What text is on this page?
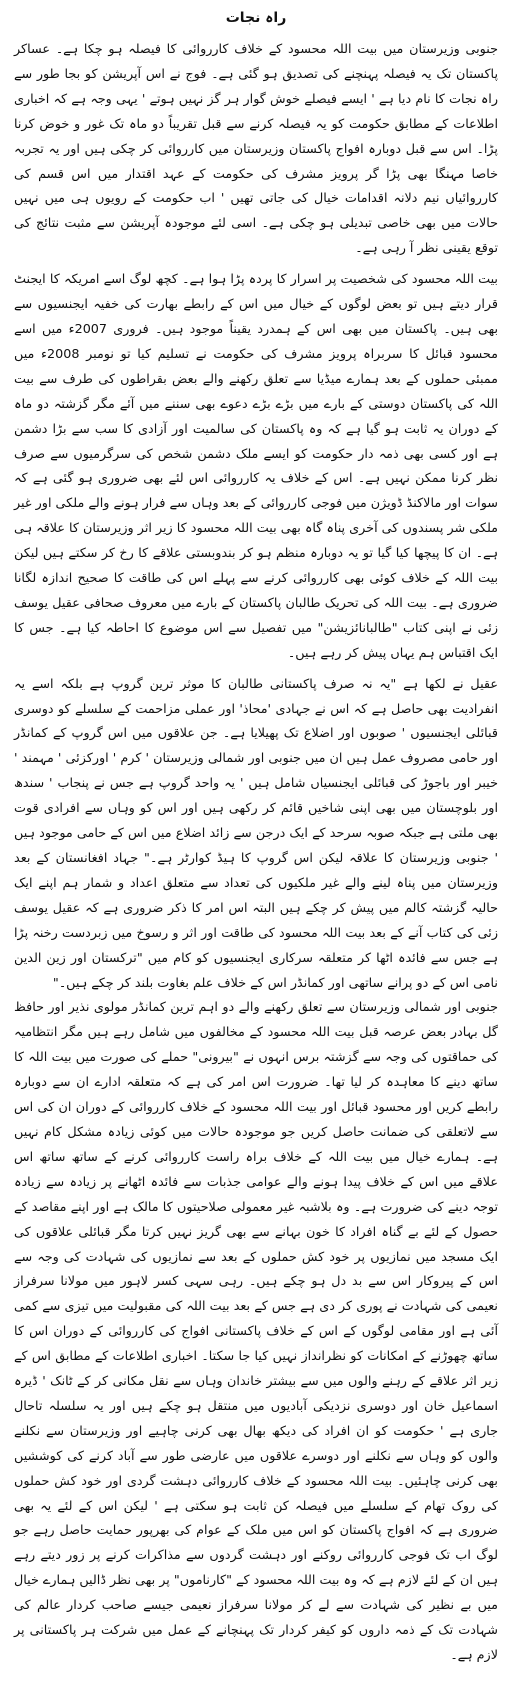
راہ نجات

جنوبی وزیرستان میں بیت اللہ محسود کے خلاف کارروائی کا فیصلہ ہو چکا ہے۔ عساکر پاکستان تک یہ فیصلہ پہنچنے کی تصدیق ہو گئی ہے۔ فوج نے اس آپریشن کو بجا طور سے راہ نجات کا نام دیا ہے ' ایسے فیصلے خوش گوار ہر گز نہیں ہوتے ' یہی وجہ ہے کہ اخباری اطلاعات کے مطابق حکومت کو یہ فیصلہ کرنے سے قبل تقریباً دو ماہ تک غور و خوض کرنا پڑا۔ اس سے قبل دوبارہ افواج پاکستان وزیرستان میں کارروائی کر چکی ہیں اور یہ تجربہ خاصا مہنگا بھی پڑا گر پرویز مشرف کی حکومت کے عہد اقتدار میں اس قسم کی کارروائیاں نیم دلانہ اقدامات خیال کی جاتی تھیں ' اب حکومت کے رویوں ہی میں نہیں حالات میں بھی خاصی تبدیلی ہو چکی ہے۔ اسی لئے موجودہ آپریشن سے مثبت نتائج کی توقع یقینی نظر آ رہی ہے۔

بیت اللہ محسود کی شخصیت پر اسرار کا پردہ پڑا ہوا ہے۔ کچھ لوگ اسے امریکہ کا ایجنٹ قرار دیتے ہیں تو بعض لوگوں کے خیال میں اس کے رابطے بھارت کی خفیہ ایجنسیوں سے بھی ہیں۔ پاکستان میں بھی اس کے ہمدرد یقیناً موجود ہیں۔ فروری 2007ء میں اسے محسود قبائل کا سربراہ پرویز مشرف کی حکومت نے تسلیم کیا تو نومبر 2008ء میں ممبئی حملوں کے بعد ہمارے میڈیا سے تعلق رکھنے والے بعض بقراطوں کی طرف سے بیت اللہ کی پاکستان دوستی کے بارے میں بڑے بڑے دعوے بھی سننے میں آئے مگر گزشتہ دو ماہ کے دوران یہ ثابت ہو گیا ہے کہ وہ پاکستان کی سالمیت اور آزادی کا سب سے بڑا دشمن ہے اور کسی بھی ذمہ دار حکومت کو ایسے ملک دشمن شخص کی سرگرمیوں سے صرف نظر کرنا ممکن نہیں ہے۔ اس کے خلاف یہ کارروائی اس لئے بھی ضروری ہو گئی ہے کہ سوات اور مالاکنڈ ڈویژن میں فوجی کارروائی کے بعد وہاں سے فرار ہونے والے ملکی اور غیر ملکی شر پسندوں کی آخری پناہ گاہ بھی بیت اللہ محسود کا زیر اثر وزیرستان کا علاقہ ہی ہے۔ ان کا پیچھا کیا گیا تو یہ دوبارہ منظم ہو کر بندوبستی علاقے کا رخ کر سکتے ہیں لیکن بیت اللہ کے خلاف کوئی بھی کارروائی کرنے سے پہلے اس کی طاقت کا صحیح اندازہ لگانا ضروری ہے۔ بیت اللہ کی تحریک طالبان پاکستان کے بارے میں معروف صحافی عقیل یوسف زئی نے اپنی کتاب "طالبانائزیشن" میں تفصیل سے اس موضوع کا احاطہ کیا ہے۔ جس کا ایک اقتباس ہم یہاں پیش کر رہے ہیں۔

عقیل نے لکھا ہے "یہ نہ صرف پاکستانی طالبان کا موثر ترین گروپ ہے بلکہ اسے یہ انفرادیت بھی حاصل ہے کہ اس نے جہادی 'محاذ' اور عملی مزاحمت کے سلسلے کو دوسری قبائلی ایجنسیوں ' صوبوں اور اضلاع تک پھیلایا ہے۔ جن علاقوں میں اس گروپ کے کمانڈر اور حامی مصروف عمل ہیں ان میں جنوبی اور شمالی وزیرستان ' کرم ' اورکزئی ' مہمند ' خیبر اور باجوڑ کی قبائلی ایجنسیاں شامل ہیں ' یہ واحد گروپ ہے جس نے پنجاب ' سندھ اور بلوچستان میں بھی اپنی شاخیں قائم کر رکھی ہیں اور اس کو وہاں سے افرادی قوت بھی ملتی ہے جبکہ صوبہ سرحد کے ایک درجن سے زائد اضلاع میں اس کے حامی موجود ہیں ' جنوبی وزیرستان کا علاقہ لیکن اس گروپ کا ہیڈ کوارٹر ہے۔" جہاد افغانستان کے بعد وزیرستان میں پناہ لینے والے غیر ملکیوں کی تعداد سے متعلق اعداد و شمار ہم اپنے ایک حالیہ گزشتہ کالم میں پیش کر چکے ہیں البتہ اس امر کا ذکر ضروری ہے کہ عقیل یوسف زئی کی کتاب آنے کے بعد بیت اللہ محسود کی طاقت اور اثر و رسوخ میں زبردست رخنہ پڑا ہے جس سے فائدہ اٹھا کر متعلقہ سرکاری ایجنسیوں کو کام میں "ترکستان اور زین الدین نامی اس کے دو پرانے ساتھی اور کمانڈر اس کے خلاف علم بغاوت بلند کر چکے ہیں۔"

جنوبی اور شمالی وزیرستان سے تعلق رکھنے والے دو اہم ترین کمانڈر مولوی نذیر اور حافظ گل بہادر بعض عرصہ قبل بیت اللہ محسود کے مخالفوں میں شامل رہے ہیں مگر انتظامیہ کی حماقتوں کی وجہ سے گزشتہ برس انہوں نے "بیرونی" حملے کی صورت میں بیت اللہ کا ساتھ دینے کا معاہدہ کر لیا تھا۔ ضرورت اس امر کی ہے کہ متعلقہ ادارے ان سے دوبارہ رابطے کریں اور محسود قبائل اور بیت اللہ محسود کے خلاف کارروائی کے دوران ان کی اس سے لاتعلقی کی ضمانت حاصل کریں جو موجودہ حالات میں کوئی زیادہ مشکل کام نہیں ہے۔ ہمارے خیال میں بیت اللہ کے خلاف براہ راست کارروائی کرنے کے ساتھ ساتھ اس علاقے میں اس کے خلاف پیدا ہونے والے عوامی جذبات سے فائدہ اٹھانے پر زیادہ سے زیادہ توجہ دینے کی ضرورت ہے۔ وہ بلاشبہ غیر معمولی صلاحیتوں کا مالک ہے اور اپنے مقاصد کے حصول کے لئے بے گناہ افراد کا خون بہانے سے بھی گریز نہیں کرتا مگر قبائلی علاقوں کی ایک مسجد میں نمازیوں پر خود کش حملوں کے بعد سے نمازیوں کی شہادت کی وجہ سے اس کے پیروکار اس سے بد دل ہو چکے ہیں۔ رہی سہی کسر لاہور میں مولانا سرفراز نعیمی کی شہادت نے پوری کر دی ہے جس کے بعد بیت اللہ کی مقبولیت میں تیزی سے کمی آئی ہے اور مقامی لوگوں کے اس کے خلاف پاکستانی افواج کی کارروائی کے دوران اس کا ساتھ چھوڑنے کے امکانات کو نظرانداز نہیں کیا جا سکتا۔ اخباری اطلاعات کے مطابق اس کے زیر اثر علاقے کے رہنے والوں میں سے بیشتر خاندان وہاں سے نقل مکانی کر کے ٹانک ' ڈیرہ اسماعیل خان اور دوسری نزدیکی آبادیوں میں منتقل ہو چکے ہیں اور یہ سلسلہ تاحال جاری ہے ' حکومت کو ان افراد کی دیکھ بھال بھی کرنی چاہیے اور وزیرستان سے نکلنے والوں کو وہاں سے نکلنے اور دوسرے علاقوں میں عارضی طور سے آباد کرنے کی کوششیں بھی کرنی چاہئیں۔ بیت اللہ محسود کے خلاف کارروائی دہشت گردی اور خود کش حملوں کی روک تھام کے سلسلے میں فیصلہ کن ثابت ہو سکتی ہے ' لیکن اس کے لئے یہ بھی ضروری ہے کہ افواج پاکستان کو اس میں ملک کے عوام کی بھرپور حمایت حاصل رہے جو لوگ اب تک فوجی کارروائی روکنے اور دہشت گردوں سے مذاکرات کرنے پر زور دیتے رہے ہیں ان کے لئے لازم ہے کہ وہ بیت اللہ محسود کے "کارناموں" پر بھی نظر ڈالیں ہمارے خیال میں بے نظیر کی شہادت سے لے کر مولانا سرفراز نعیمی جیسے صاحب کردار عالم کی شہادت تک کے ذمہ داروں کو کیفر کردار تک پہنچانے کے عمل میں شرکت ہر پاکستانی پر لازم ہے۔
